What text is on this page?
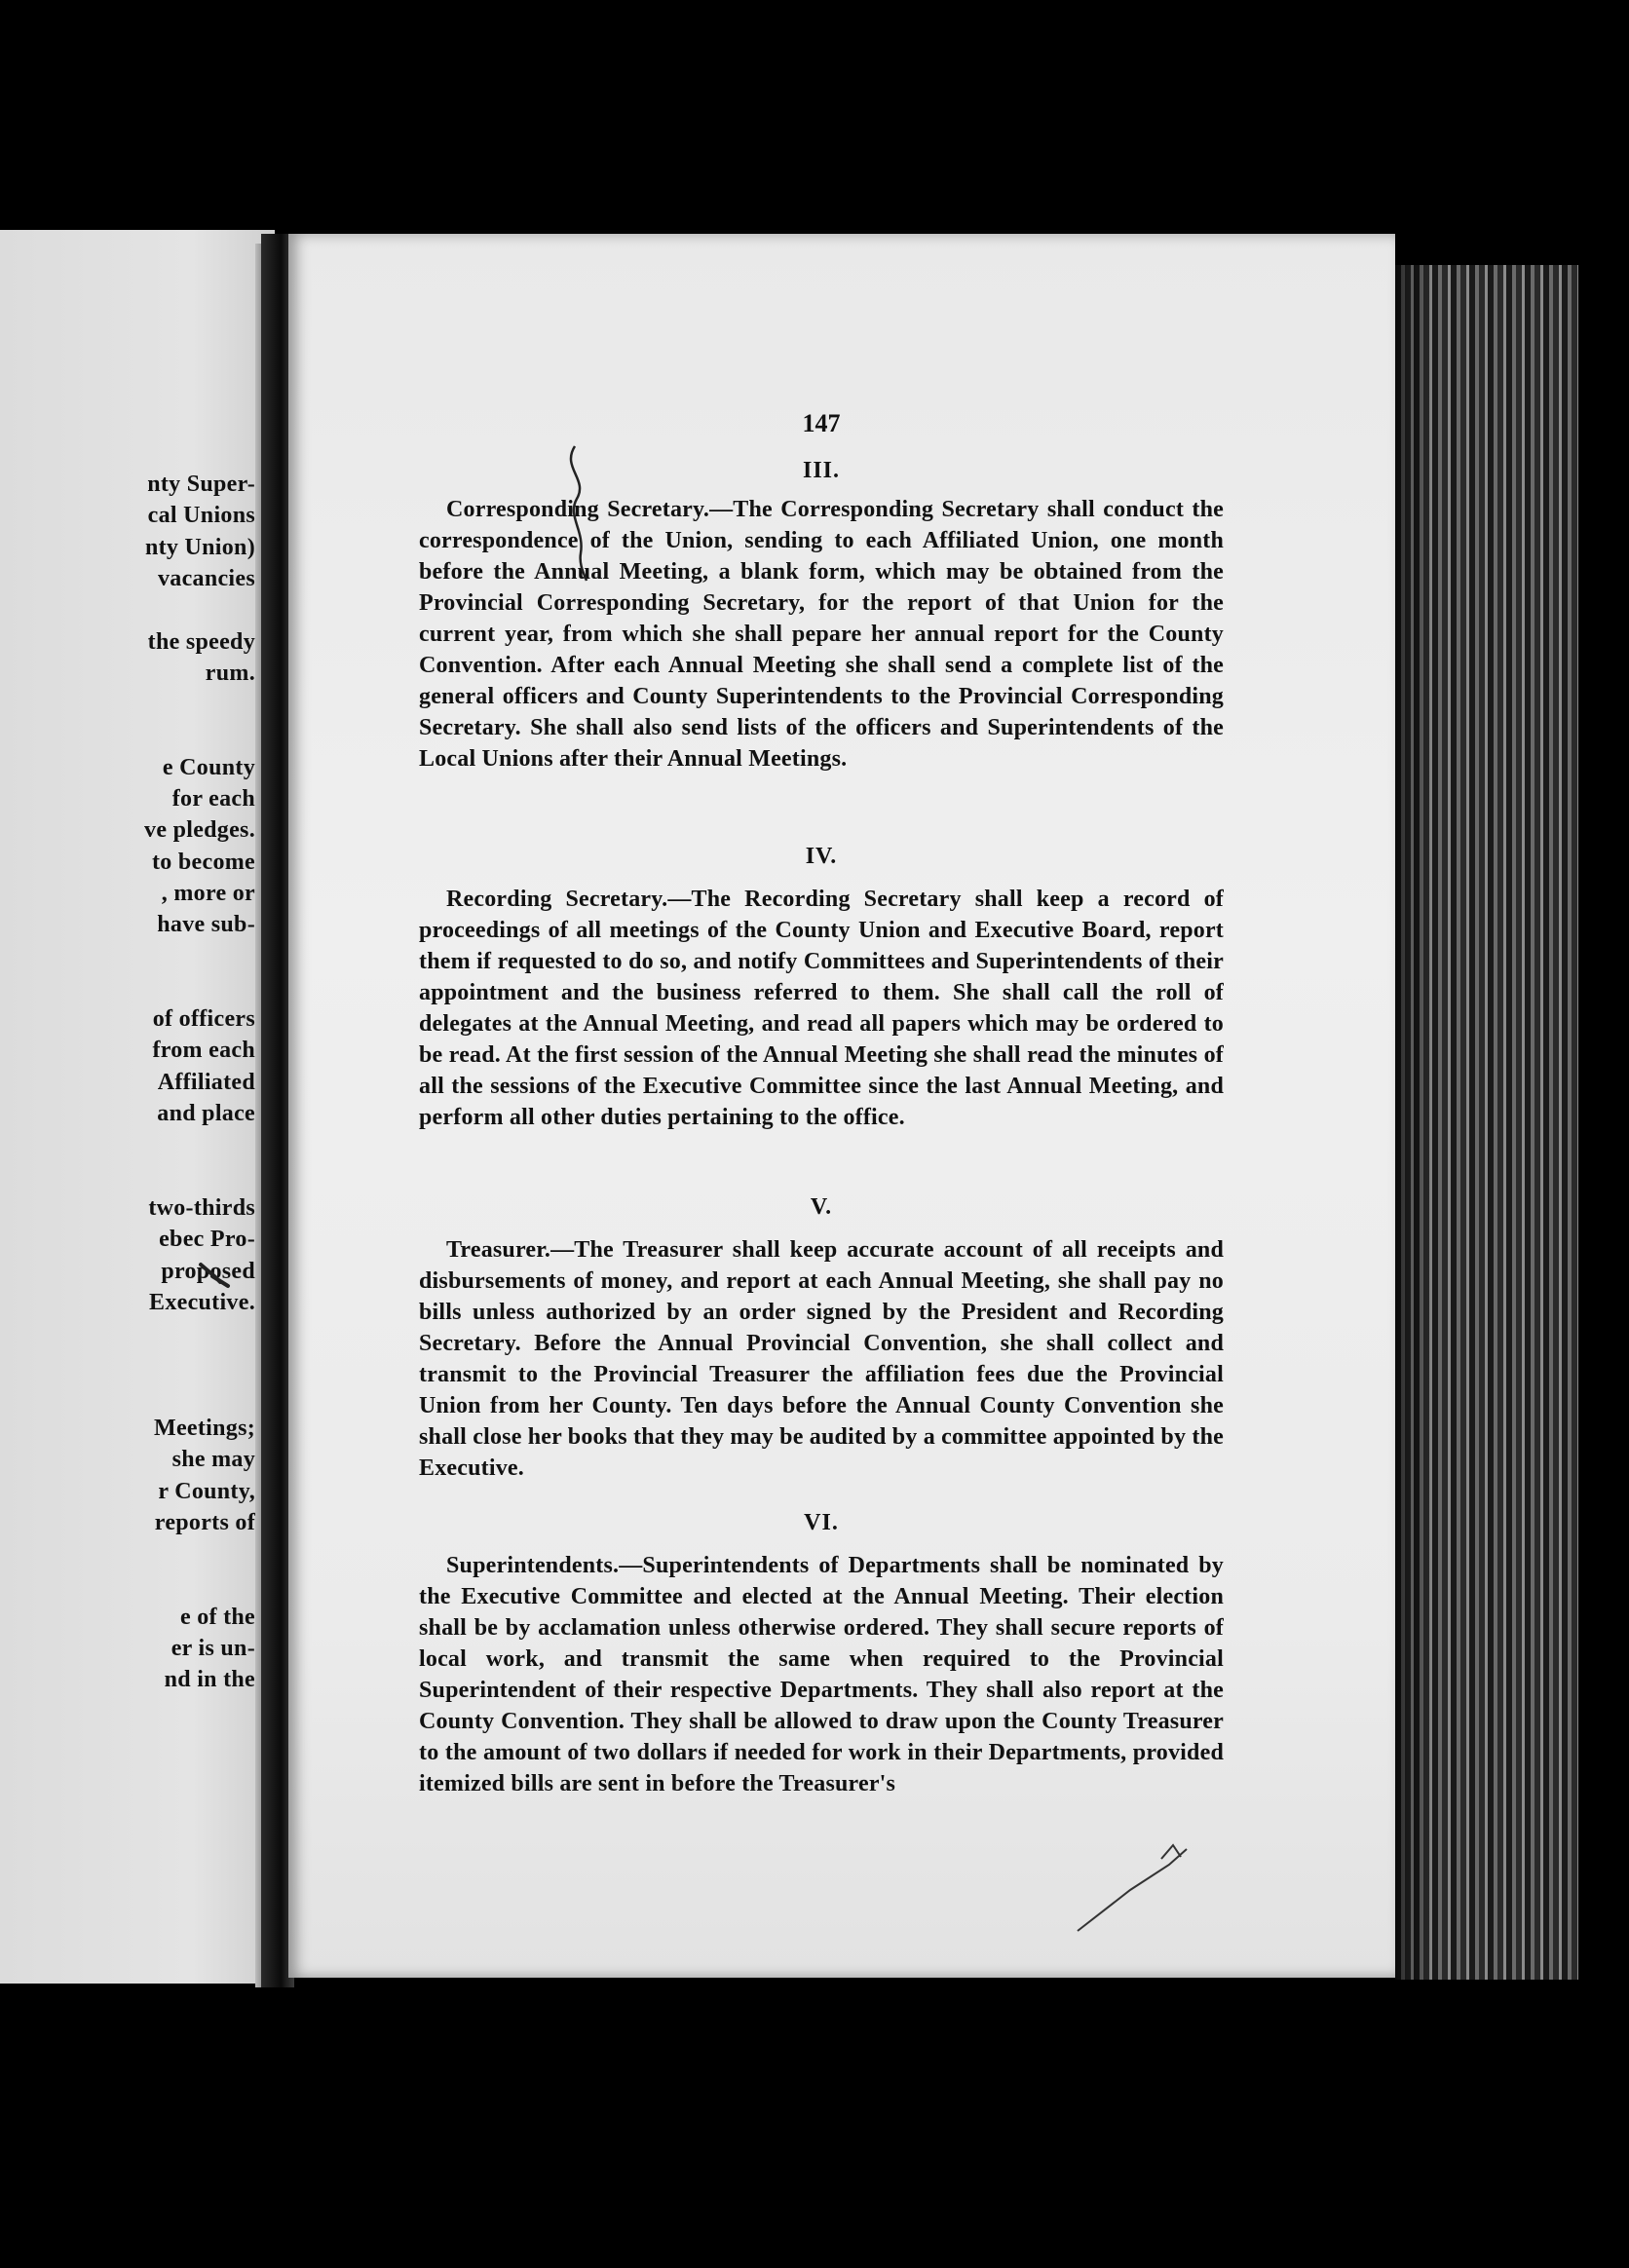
nty Super-
cal Unions
nty Union)
vacancies
the speedy
rum.
e County
for each
ve pledges.
to become
, more or
have sub-
of officers
from each
Affiliated
and place
two-thirds
ebec Pro-
proposed
Executive.
Meetings;
she may
r County,
reports of
e of the
er is un-
nd in the
147

III.

Corresponding Secretary.—The Corresponding Secretary shall conduct the correspondence of the Union, sending to each Affiliated Union, one month before the Annual Meeting, a blank form, which may be obtained from the Provincial Corresponding Secretary, for the report of that Union for the current year, from which she shall pepare her annual report for the County Convention. After each Annual Meeting she shall send a complete list of the general officers and County Superintendents to the Provincial Corresponding Secretary. She shall also send lists of the officers and Superintendents of the Local Unions after their Annual Meetings.

IV.

Recording Secretary.—The Recording Secretary shall keep a record of proceedings of all meetings of the County Union and Executive Board, report them if requested to do so, and notify Committees and Superintendents of their appointment and the business referred to them. She shall call the roll of delegates at the Annual Meeting, and read all papers which may be ordered to be read. At the first session of the Annual Meeting she shall read the minutes of all the sessions of the Executive Committee since the last Annual Meeting, and perform all other duties pertaining to the office.

V.

Treasurer.—The Treasurer shall keep accurate account of all receipts and disbursements of money, and report at each Annual Meeting, she shall pay no bills unless authorized by an order signed by the President and Recording Secretary. Before the Annual Provincial Convention, she shall collect and transmit to the Provincial Treasurer the affiliation fees due the Provincial Union from her County. Ten days before the Annual County Convention she shall close her books that they may be audited by a committee appointed by the Executive.

VI.

Superintendents.—Superintendents of Departments shall be nominated by the Executive Committee and elected at the Annual Meeting. Their election shall be by acclamation unless otherwise ordered. They shall secure reports of local work, and transmit the same when required to the Provincial Superintendent of their respective Departments. They shall also report at the County Convention. They shall be allowed to draw upon the County Treasurer to the amount of two dollars if needed for work in their Departments, provided itemized bills are sent in before the Treasurer's
